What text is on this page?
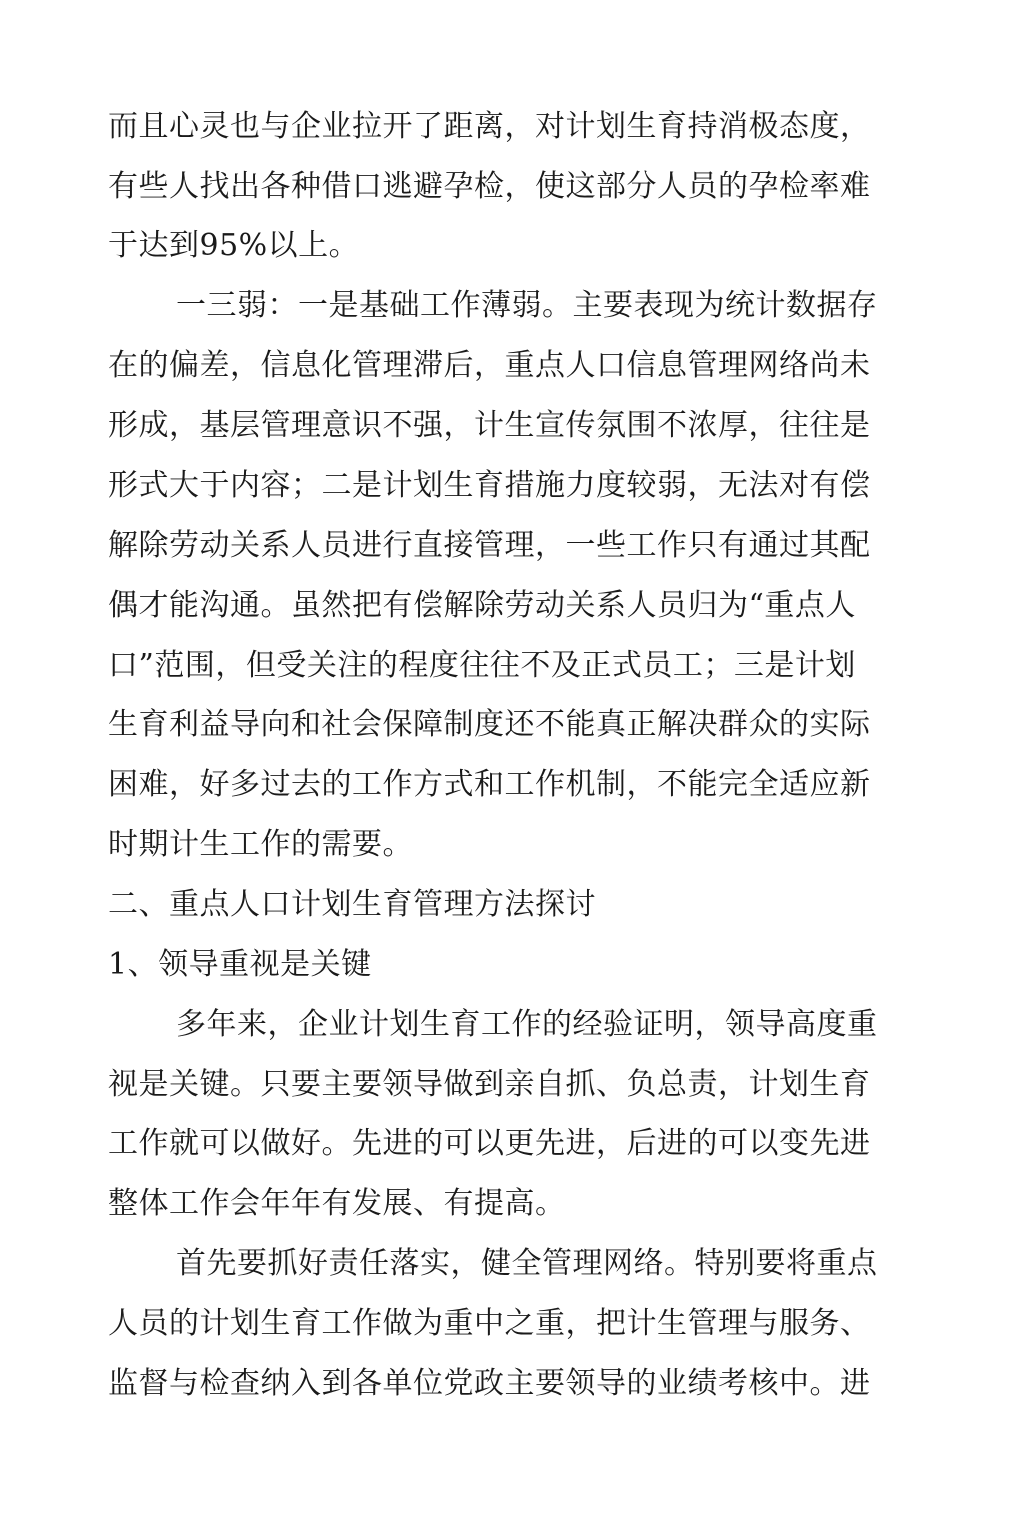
而且心灵也与企业拉开了距离，对计划生育持消极态度，
有些人找出各种借口逃避孕检，使这部分人员的孕检率难
于达到95%以上。
一三弱：一是基础工作薄弱。主要表现为统计数据存
在的偏差，信息化管理滞后，重点人口信息管理网络尚未
形成，基层管理意识不强，计生宣传氛围不浓厚，往往是
形式大于内容；二是计划生育措施力度较弱，无法对有偿
解除劳动关系人员进行直接管理，一些工作只有通过其配
偶才能沟通。虽然把有偿解除劳动关系人员归为“重点人
口”范围，但受关注的程度往往不及正式员工；三是计划
生育利益导向和社会保障制度还不能真正解决群众的实际
困难，好多过去的工作方式和工作机制，不能完全适应新
时期计生工作的需要。
二、重点人口计划生育管理方法探讨
1、领导重视是关键
多年来，企业计划生育工作的经验证明，领导高度重
视是关键。只要主要领导做到亲自抓、负总责，计划生育
工作就可以做好。先进的可以更先进，后进的可以变先进
整体工作会年年有发展、有提高。
首先要抓好责任落实，健全管理网络。特别要将重点
人员的计划生育工作做为重中之重，把计生管理与服务、
监督与检查纳入到各单位党政主要领导的业绩考核中。进
